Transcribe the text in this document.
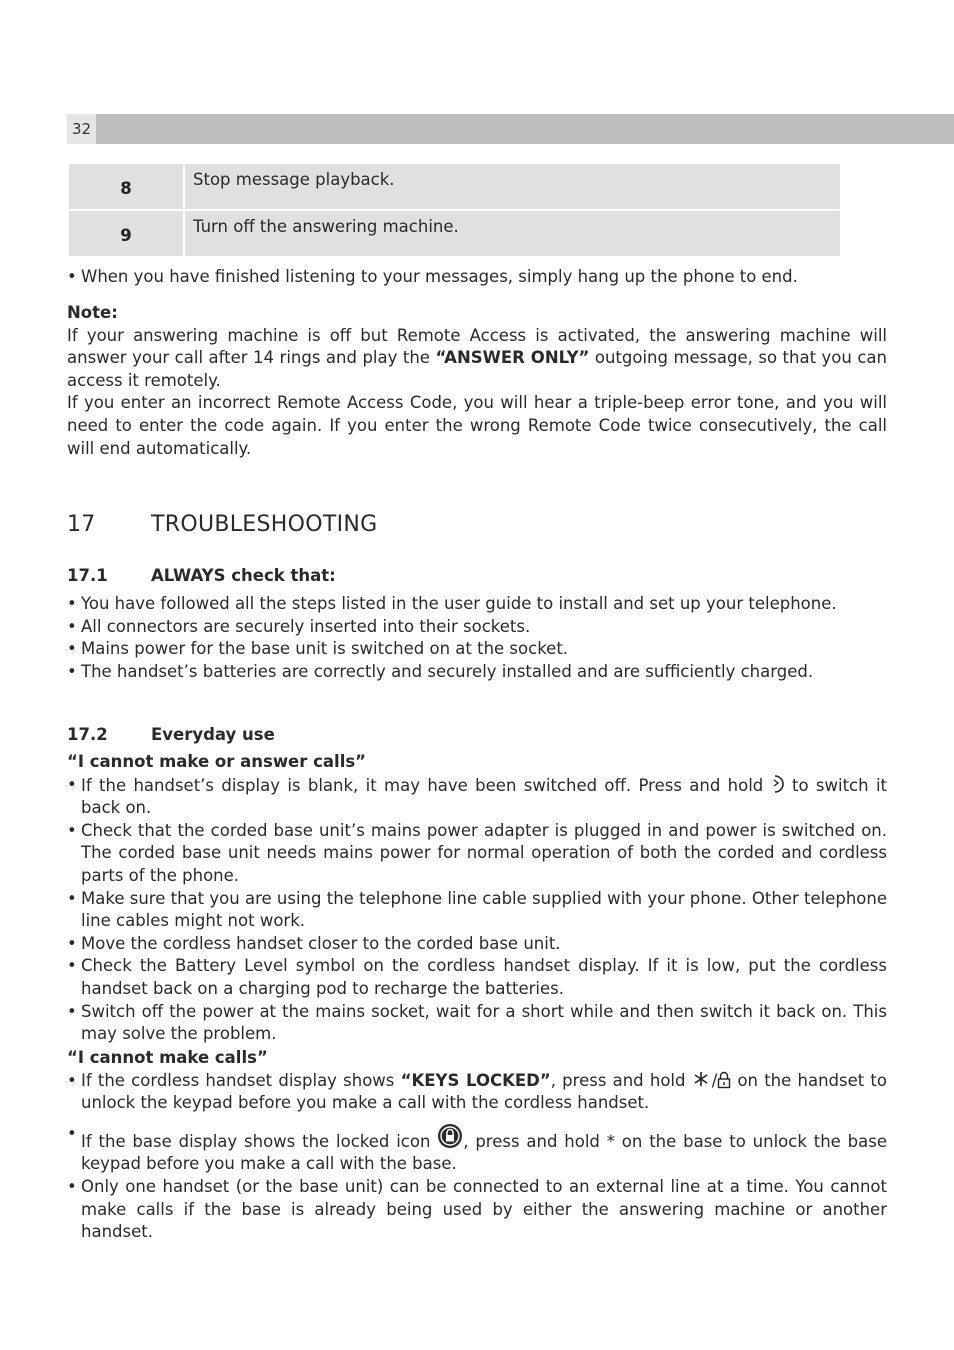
32
8	Stop message playback.
9	Turn off the answering machine.
• When you have finished listening to your messages, simply hang up the phone to end.

Note:

If your answering machine is off but Remote Access is activated, the answering machine will answer your call after 14 rings and play the “ANSWER ONLY” outgoing message, so that you can access it remotely.

If you enter an incorrect Remote Access Code, you will hear a triple-beep error tone, and you will need to enter the code again. If you enter the wrong Remote Code twice consecutively, the call will end automatically.

17	TROUBLESHOOTING
17.1	ALWAYS check that:
• You have followed all the steps listed in the user guide to install and set up your telephone.
• All connectors are securely inserted into their sockets.
• Mains power for the base unit is switched on at the socket.
• The handset’s batteries are correctly and securely installed and are sufficiently charged.
17.2	Everyday use

“I cannot make or answer calls”

• If the handset’s display is blank, it may have been switched off. Press and hold  to switch it back on.
• Check that the corded base unit’s mains power adapter is plugged in and power is switched on. The corded base unit needs mains power for normal operation of both the corded and cordless parts of the phone.
• Make sure that you are using the telephone line cable supplied with your phone. Other telephone line cables might not work.
• Move the cordless handset closer to the corded base unit.
• Check the Battery Level symbol on the cordless handset display. If it is low, put the cordless handset back on a charging pod to recharge the batteries.
• Switch off the power at the mains socket, wait for a short while and then switch it back on. This may solve the problem.

“I cannot make calls”

• If the cordless handset display shows “KEYS LOCKED”, press and hold / on the handset to unlock the keypad before you make a call with the cordless handset.
• If the base display shows the locked icon , press and hold * on the base to unlock the base keypad before you make a call with the base.
• Only one handset (or the base unit) can be connected to an external line at a time. You cannot make calls if the base is already being used by either the answering machine or another handset.
